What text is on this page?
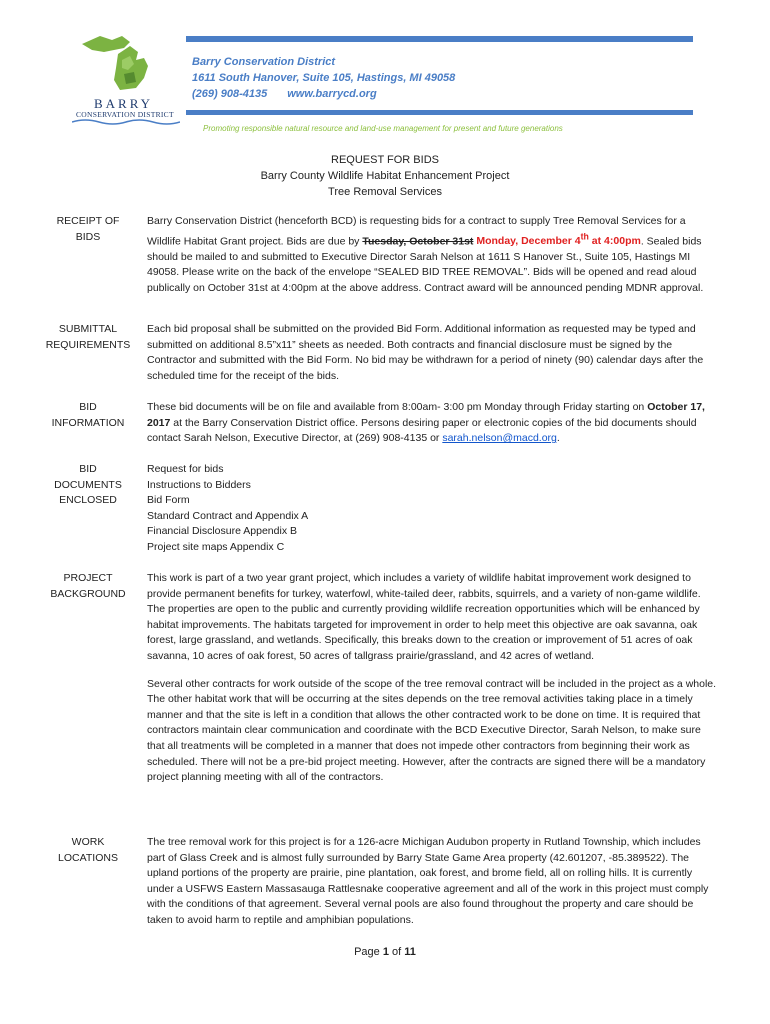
BARRY
CONSERVATION DISTRICT
Barry Conservation District
1611 South Hanover, Suite 105, Hastings, MI 49058
(269) 908-4135 www.barrycd.org
Promoting responsible natural resource and land-use management for present and future generations
REQUEST FOR BIDS
Barry County Wildlife Habitat Enhancement Project
Tree Removal Services
RECEIPT OF
BIDS

Barry Conservation District (henceforth BCD) is requesting bids for a contract to supply Tree Removal Services for a Wildlife Habitat Grant project. Bids are due by Tuesday, October 31st Monday, December 4th at 4:00pm. Sealed bids should be mailed to and submitted to Executive Director Sarah Nelson at 1611 S Hanover St., Suite 105, Hastings MI 49058. Please write on the back of the envelope “SEALED BID TREE REMOVAL”. Bids will be opened and read aloud publically on October 31st at 4:00pm at the above address. Contract award will be announced pending MDNR approval.

SUBMITTAL
REQUIREMENTS

Each bid proposal shall be submitted on the provided Bid Form. Additional information as requested may be typed and submitted on additional 8.5”x11” sheets as needed. Both contracts and financial disclosure must be signed by the Contractor and submitted with the Bid Form. No bid may be withdrawn for a period of ninety (90) calendar days after the scheduled time for the receipt of the bids.

BID
INFORMATION

These bid documents will be on file and available from 8:00am- 3:00 pm Monday through Friday starting on October 17, 2017 at the Barry Conservation District office. Persons desiring paper or electronic copies of the bid documents should contact Sarah Nelson, Executive Director, at (269) 908-4135 or sarah.nelson@macd.org.

BID
DOCUMENTS
ENCLOSED
Request for bids
Instructions to Bidders
Bid Form
Standard Contract and Appendix A
Financial Disclosure Appendix B
Project site maps Appendix C
PROJECT
BACKGROUND

This work is part of a two year grant project, which includes a variety of wildlife habitat improvement work designed to provide permanent benefits for turkey, waterfowl, white-tailed deer, rabbits, squirrels, and a variety of non-game wildlife. The properties are open to the public and currently providing wildlife recreation opportunities which will be enhanced by habitat improvements. The habitats targeted for improvement in order to help meet this objective are oak savanna, oak forest, large grassland, and wetlands. Specifically, this breaks down to the creation or improvement of 51 acres of oak savanna, 10 acres of oak forest, 50 acres of tallgrass prairie/grassland, and 42 acres of wetland.

Several other contracts for work outside of the scope of the tree removal contract will be included in the project as a whole. The other habitat work that will be occurring at the sites depends on the tree removal activities taking place in a timely manner and that the site is left in a condition that allows the other contracted work to be done on time. It is required that contractors maintain clear communication and coordinate with the BCD Executive Director, Sarah Nelson, to make sure that all treatments will be completed in a manner that does not impede other contractors from beginning their work as scheduled. There will not be a pre-bid project meeting. However, after the contracts are signed there will be a mandatory project planning meeting with all of the contractors.

WORK
LOCATIONS

The tree removal work for this project is for a 126-acre Michigan Audubon property in Rutland Township, which includes part of Glass Creek and is almost fully surrounded by Barry State Game Area property (42.601207, -85.389522). The upland portions of the property are prairie, pine plantation, oak forest, and brome field, all on rolling hills. It is currently under a USFWS Eastern Massasauga Rattlesnake cooperative agreement and all of the work in this project must comply with the conditions of that agreement. Several vernal pools are also found throughout the property and care should be taken to avoid harm to reptile and amphibian populations.

Page 1 of 11
